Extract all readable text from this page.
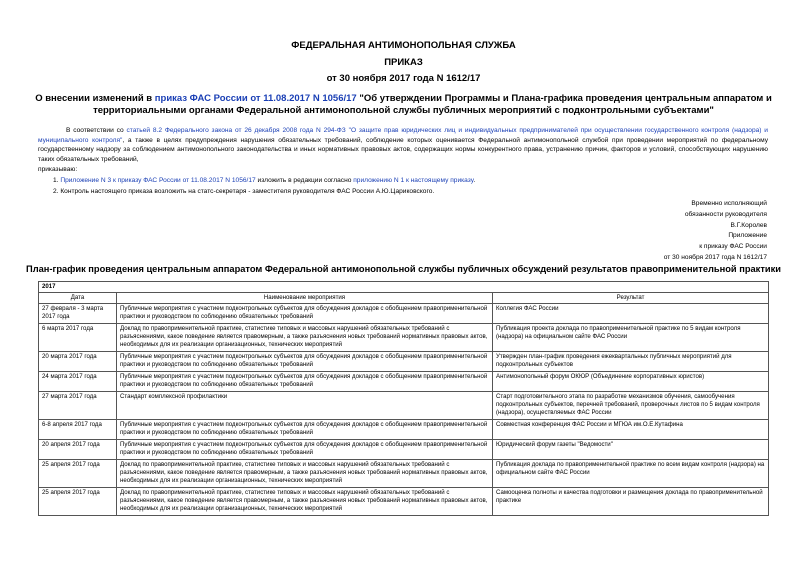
ФЕДЕРАЛЬНАЯ АНТИМОНОПОЛЬНАЯ СЛУЖБА
ПРИКАЗ
от 30 ноября 2017 года N 1612/17
О внесении изменений в приказ ФАС России от 11.08.2017 N 1056/17 "Об утверждении Программы и Плана-графика проведения центральным аппаратом и территориальными органами Федеральной антимонопольной службы публичных мероприятий с подконтрольными субъектами"
В соответствии со статьей 8.2 Федерального закона от 26 декабря 2008 года N 294-ФЗ "О защите прав юридических лиц и индивидуальных предпринимателей при осуществлении государственного контроля (надзора) и муниципального контроля", а также в целях предупреждения нарушения обязательных требований, соблюдение которых оценивается Федеральной антимонопольной службой при проведении мероприятий по федеральному государственному надзору за соблюдением антимонопольного законодательства и иных нормативных правовых актов, содержащих нормы конкурентного права, устранению причин, факторов и условий, способствующих нарушению таких обязательных требований,
приказываю:
1. Приложение N 3 к приказу ФАС России от 11.08.2017 N 1056/17 изложить в редакции согласно приложению N 1 к настоящему приказу.
2. Контроль настоящего приказа возложить на статс-секретаря - заместителя руководителя ФАС России А.Ю.Цариковского.
Временно исполняющий
обязанности руководителя
В.Г.Королев
Приложение
к приказу ФАС России
от 30 ноября 2017 года N 1612/17
План-график проведения центральным аппаратом Федеральной антимонопольной службы публичных обсуждений результатов правоприменительной практики
2017		
Дата	Наименование мероприятия	Результат
27 февраля - 3 марта 2017 года	Публичные мероприятия с участием подконтрольных субъектов для обсуждения докладов с обобщением правоприменительной практики и руководством по соблюдению обязательных требований	Коллегия ФАС России
6 марта 2017 года	Доклад по правоприменительной практике, статистике типовых и массовых нарушений обязательных требований с разъяснениями, какое поведение является правомерным, а также разъяснения новых требований нормативных правовых актов, необходимых для их реализации организационных, технических мероприятий	Публикация проекта доклада по правоприменительной практике по 5 видам контроля (надзора) на официальном сайте ФАС России
20 марта 2017 года	Публичные мероприятия с участием подконтрольных субъектов для обсуждения докладов с обобщением правоприменительной практики и руководством по соблюдению обязательных требований	Утвержден план-график проведения ежеквартальных публичных мероприятий для подконтрольных субъектов
24 марта 2017 года	Публичные мероприятия с участием подконтрольных субъектов для обсуждения докладов с обобщением правоприменительной практики и руководством по соблюдению обязательных требований	Антимонопольный форум ОКЮР (Объединение корпоративных юристов)
27 марта 2017 года	Стандарт комплексной профилактики	Старт подготовительного этапа по разработке механизмов обучения, самообучения подконтрольных субъектов, перечней требований, проверочных листов по 5 видам контроля (надзора), осуществляемых ФАС России
6-8 апреля 2017 года	Публичные мероприятия с участием подконтрольных субъектов для обсуждения докладов с обобщением правоприменительной практики и руководством по соблюдению обязательных требований	Совместная конференция ФАС России и МГЮА им.О.Е.Кутафина
20 апреля 2017 года	Публичные мероприятия с участием подконтрольных субъектов для обсуждения докладов с обобщением правоприменительной практики и руководством по соблюдению обязательных требований	Юридический форум газеты "Ведомости"
25 апреля 2017 года	Доклад по правоприменительной практике, статистике типовых и массовых нарушений обязательных требований с разъяснениями, какое поведение является правомерным, а также разъяснения новых требований нормативных правовых актов, необходимых для их реализации организационных, технических мероприятий	Публикация доклада по правоприменительной практике по всем видам контроля (надзора) на официальном сайте ФАС России
25 апреля 2017 года	Доклад по правоприменительной практике, статистике типовых и массовых нарушений обязательных требований с разъяснениями, какое поведение является правомерным, а также разъяснения новых требований нормативных правовых актов, необходимых для их реализации организационных, технических мероприятий	Самооценка полноты и качества подготовки и размещения доклада по правоприменительной практике
